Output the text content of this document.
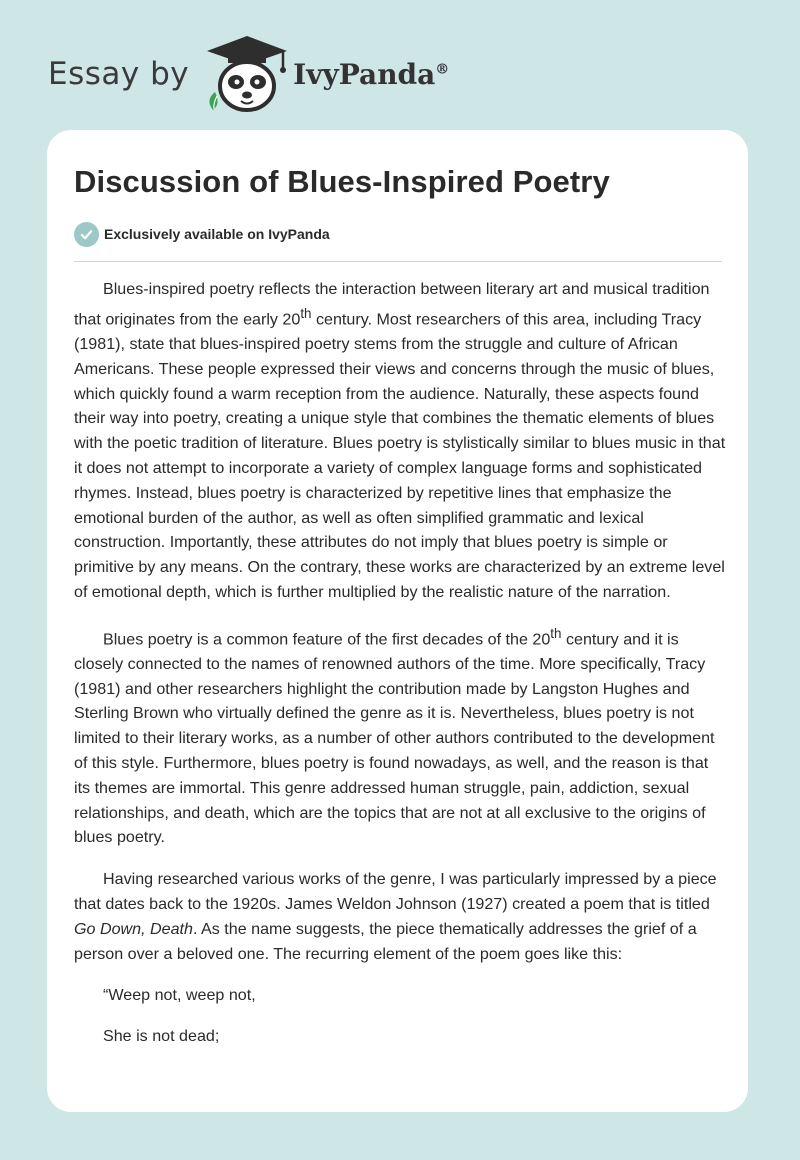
Essay by	IvyPanda®
Discussion of Blues-Inspired Poetry
Exclusively available on IvyPanda

Blues-inspired poetry reflects the interaction between literary art and musical tradition that originates from the early 20th century. Most researchers of this area, including Tracy (1981), state that blues-inspired poetry stems from the struggle and culture of African Americans. These people expressed their views and concerns through the music of blues, which quickly found a warm reception from the audience. Naturally, these aspects found their way into poetry, creating a unique style that combines the thematic elements of blues with the poetic tradition of literature. Blues poetry is stylistically similar to blues music in that it does not attempt to incorporate a variety of complex language forms and sophisticated rhymes. Instead, blues poetry is characterized by repetitive lines that emphasize the emotional burden of the author, as well as often simplified grammatic and lexical construction. Importantly, these attributes do not imply that blues poetry is simple or primitive by any means. On the contrary, these works are characterized by an extreme level of emotional depth, which is further multiplied by the realistic nature of the narration.

Blues poetry is a common feature of the first decades of the 20th century and it is closely connected to the names of renowned authors of the time. More specifically, Tracy (1981) and other researchers highlight the contribution made by Langston Hughes and Sterling Brown who virtually defined the genre as it is. Nevertheless, blues poetry is not limited to their literary works, as a number of other authors contributed to the development of this style. Furthermore, blues poetry is found nowadays, as well, and the reason is that its themes are immortal. This genre addressed human struggle, pain, addiction, sexual relationships, and death, which are the topics that are not at all exclusive to the origins of blues poetry.

Having researched various works of the genre, I was particularly impressed by a piece that dates back to the 1920s. James Weldon Johnson (1927) created a poem that is titled Go Down, Death. As the name suggests, the piece thematically addresses the grief of a person over a beloved one. The recurring element of the poem goes like this:

“Weep not, weep not,

She is not dead;
